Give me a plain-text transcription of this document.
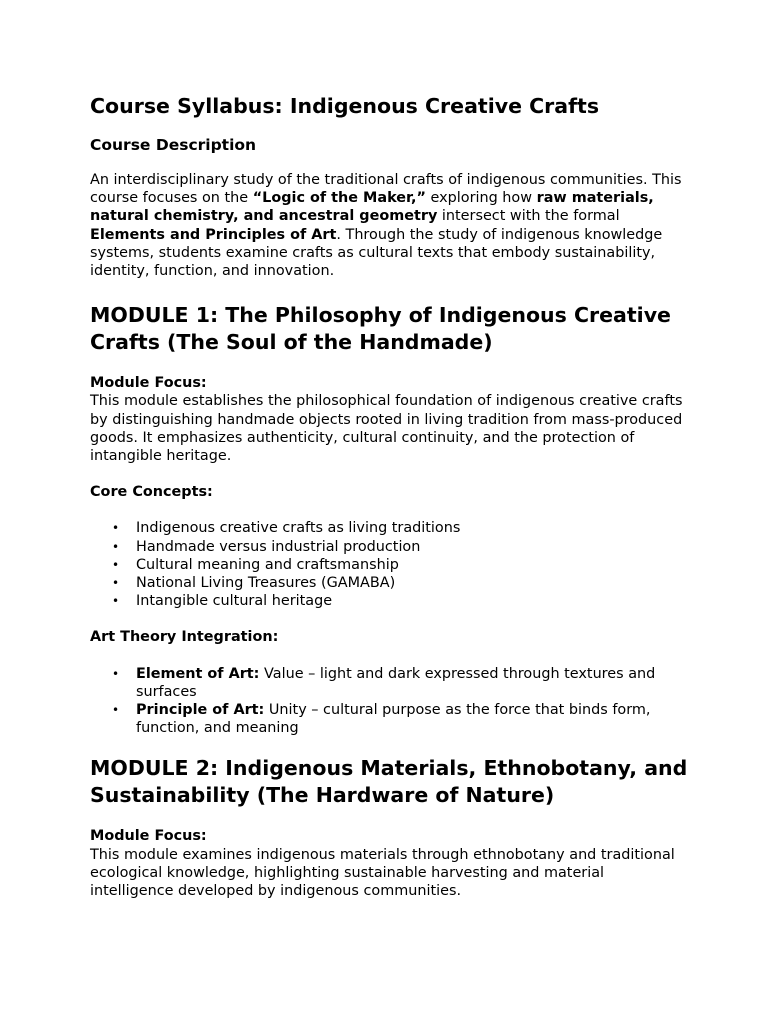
Course Syllabus: Indigenous Creative Crafts
Course Description

An interdisciplinary study of the traditional crafts of indigenous communities. This course focuses on the “Logic of the Maker,” exploring how raw materials, natural chemistry, and ancestral geometry intersect with the formal Elements and Principles of Art. Through the study of indigenous knowledge systems, students examine crafts as cultural texts that embody sustainability, identity, function, and innovation.

MODULE 1: The Philosophy of Indigenous Creative Crafts (The Soul of the Handmade)

Module Focus:

This module establishes the philosophical foundation of indigenous creative crafts by distinguishing handmade objects rooted in living tradition from mass-produced goods. It emphasizes authenticity, cultural continuity, and the protection of intangible heritage.

Core Concepts:

• Indigenous creative crafts as living traditions
• Handmade versus industrial production
• Cultural meaning and craftsmanship
• National Living Treasures (GAMABA)
• Intangible cultural heritage

Art Theory Integration:

• Element of Art: Value – light and dark expressed through textures and surfaces
• Principle of Art: Unity – cultural purpose as the force that binds form, function, and meaning
MODULE 2: Indigenous Materials, Ethnobotany, and Sustainability (The Hardware of Nature)

Module Focus:

This module examines indigenous materials through ethnobotany and traditional ecological knowledge, highlighting sustainable harvesting and material intelligence developed by indigenous communities.
